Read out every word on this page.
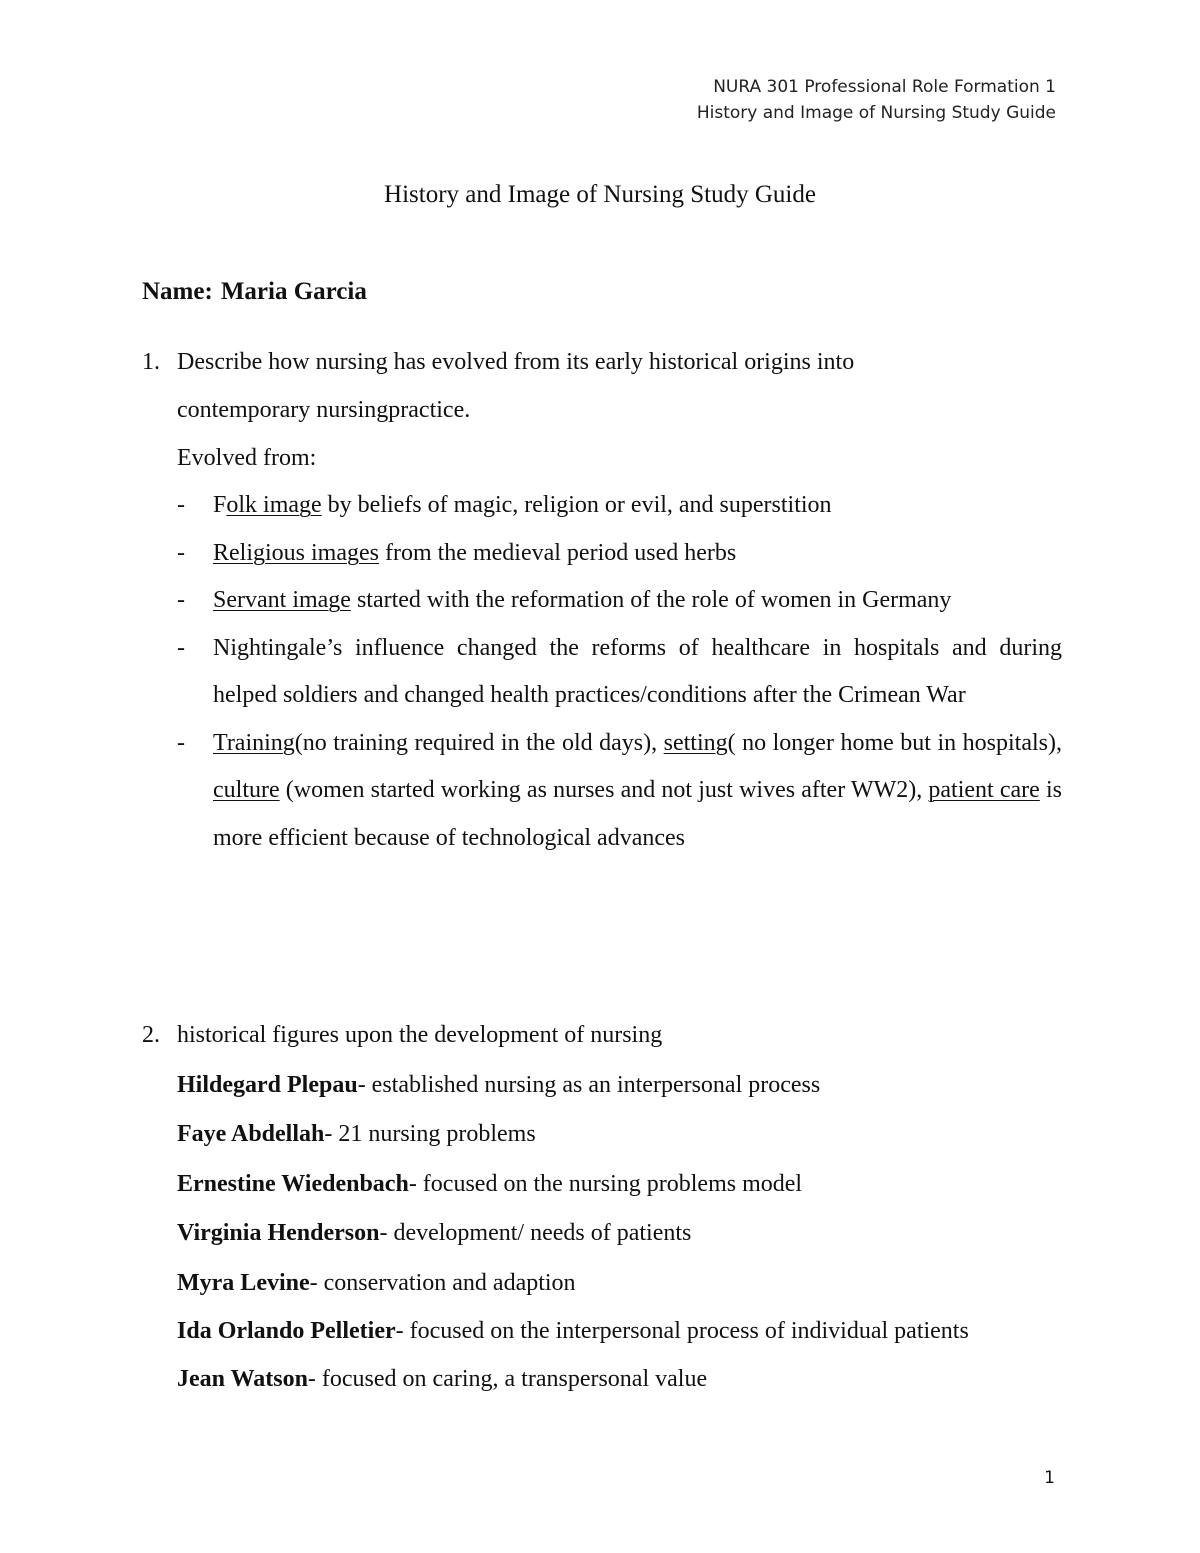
NURA 301 Professional Role Formation 1
History and Image of Nursing Study Guide
History and Image of Nursing Study Guide
Name: Maria Garcia
1. Describe how nursing has evolved from its early historical origins into
contemporary nursingpractice.
Evolved from:
- Folk image by beliefs of magic, religion or evil, and superstition
- Religious images from the medieval period used herbs
- Servant image started with the reformation of the role of women in Germany
- Nightingale’s influence changed the reforms of healthcare in hospitals and during helped soldiers and changed health practices/conditions after the Crimean War
- Training(no training required in the old days), setting( no longer home but in hospitals), culture (women started working as nurses and not just wives after WW2), patient care is more efficient because of technological advances
2. historical figures upon the development of nursing
Hildegard Plepau- established nursing as an interpersonal process
Faye Abdellah- 21 nursing problems
Ernestine Wiedenbach- focused on the nursing problems model
Virginia Henderson- development/ needs of patients
Myra Levine- conservation and adaption
Ida Orlando Pelletier- focused on the interpersonal process of individual patients
Jean Watson- focused on caring, a transpersonal value
1
